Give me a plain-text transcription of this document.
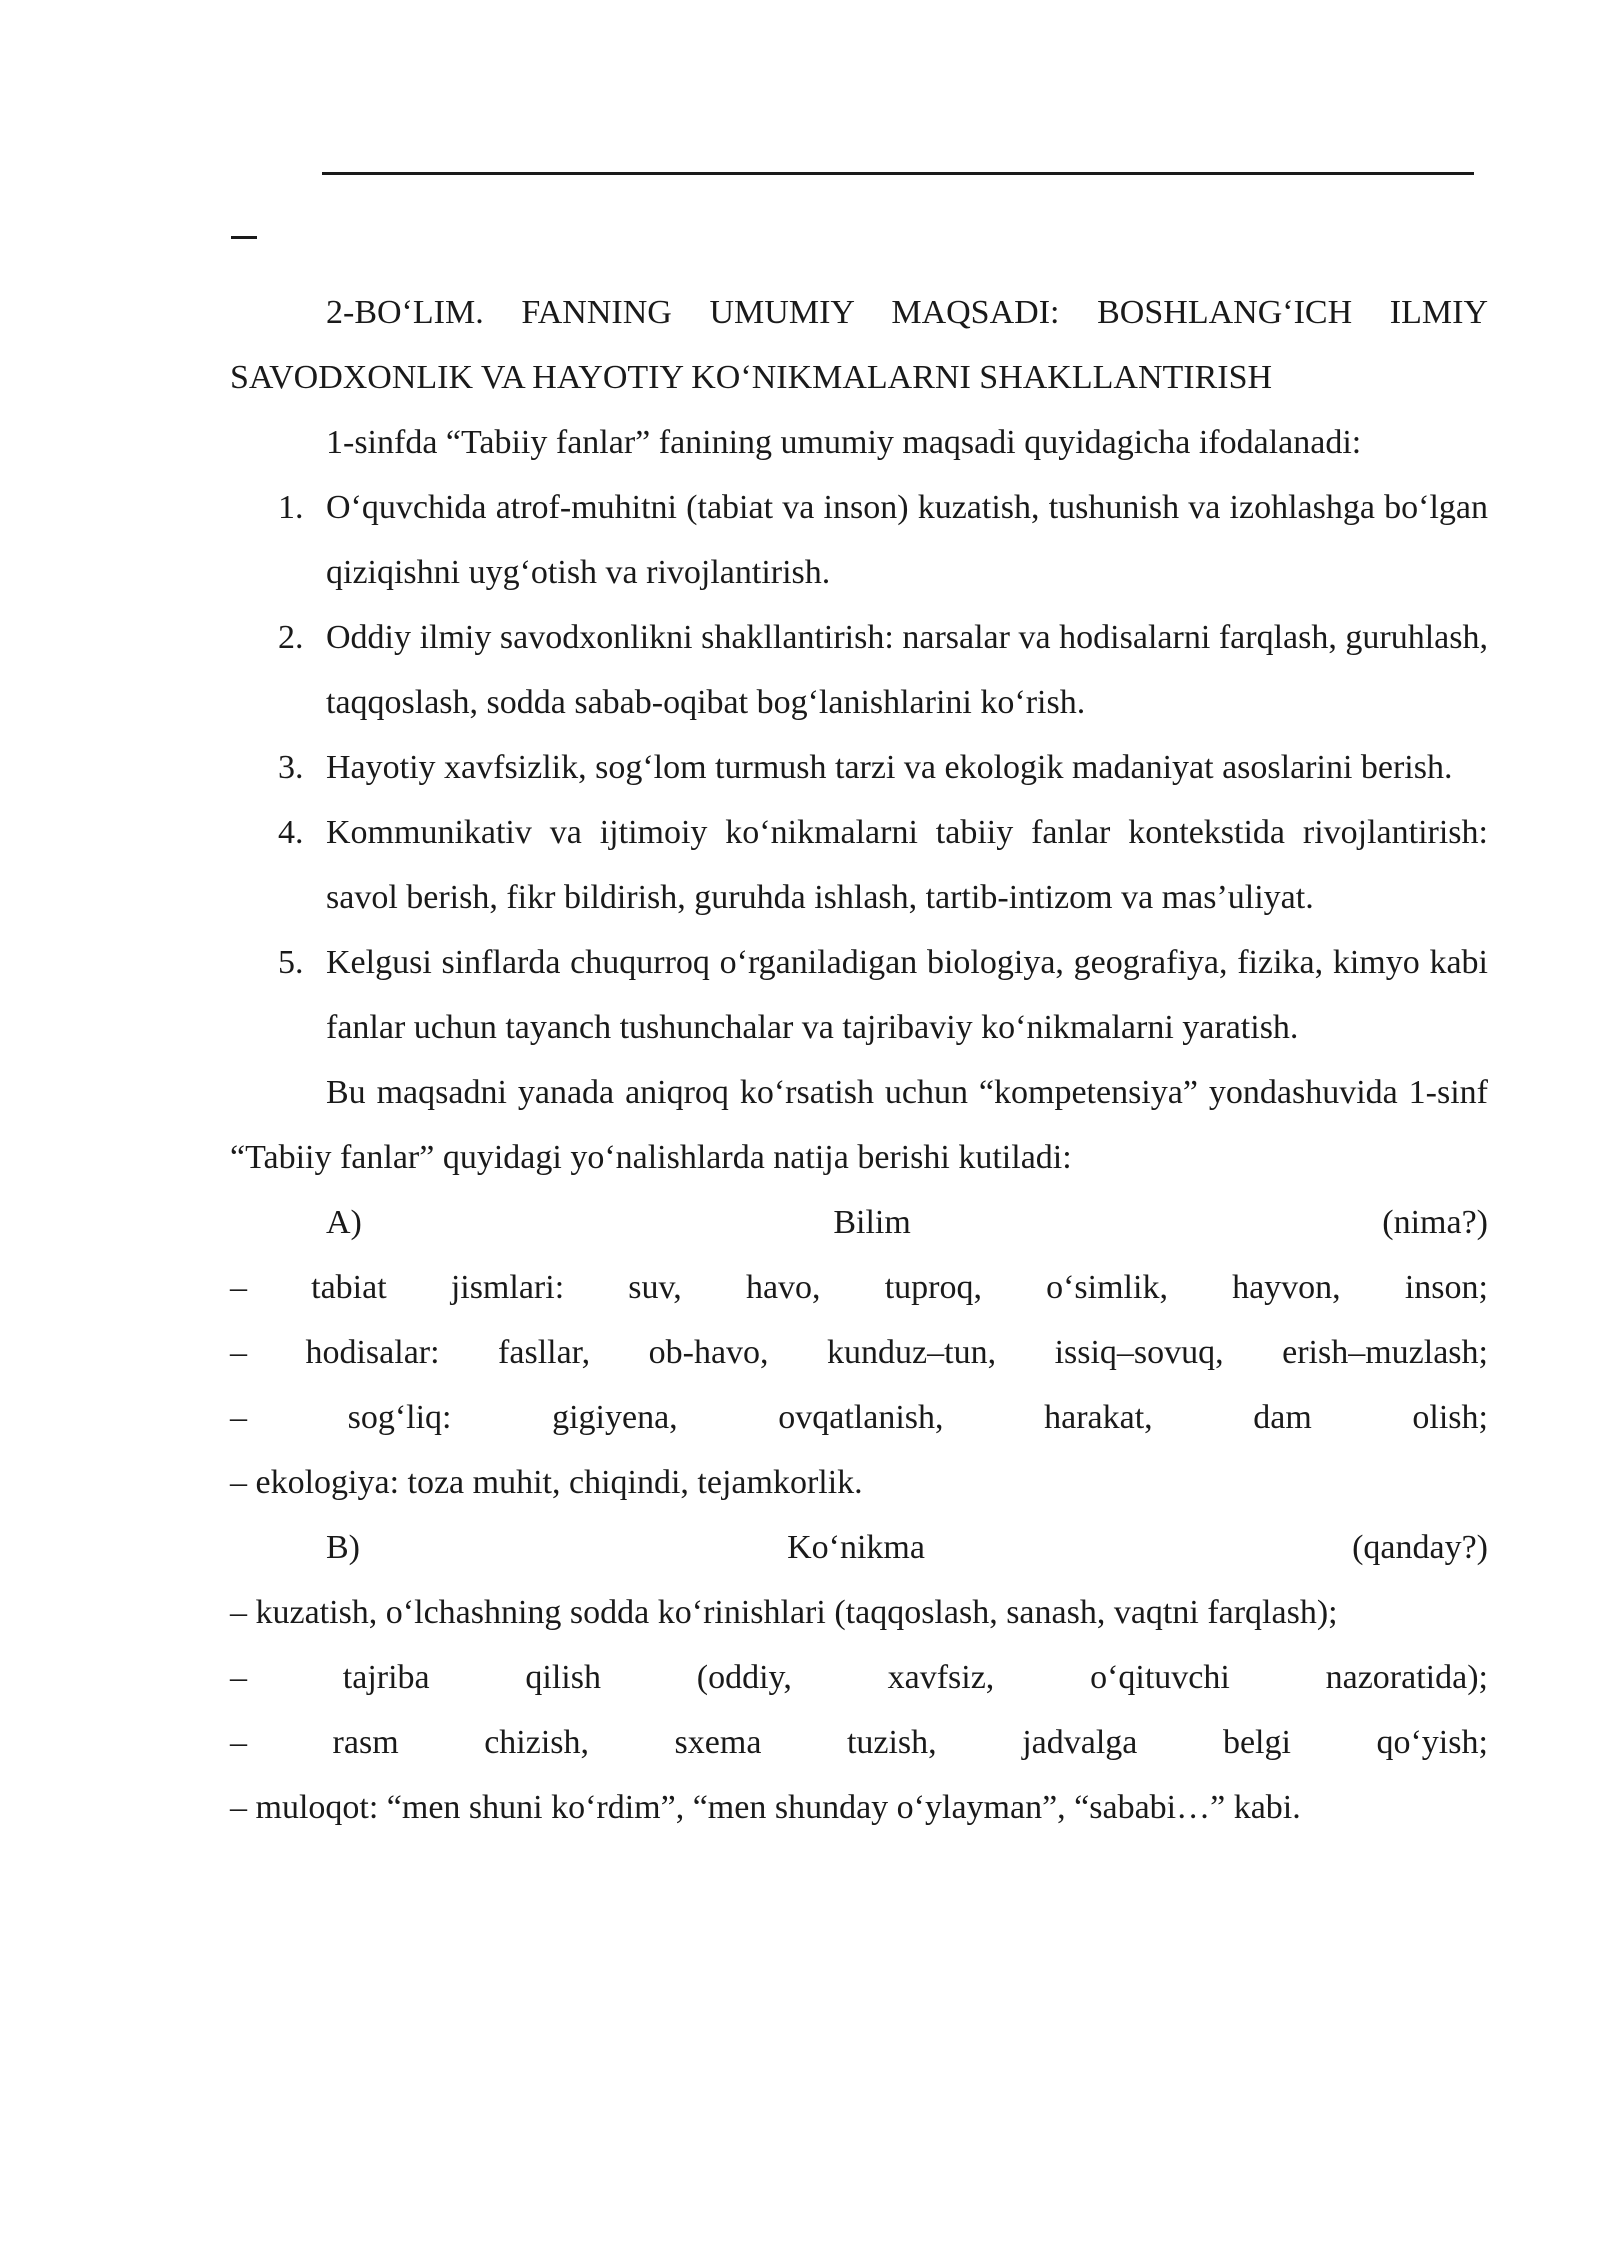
2-BO‘LIM. FANNING UMUMIY MAQSADI: BOSHLANG‘ICH ILMIY SAVODXONLIK VA HAYOTIY KO‘NIKMALARNI SHAKLLANTIRISH

1-sinfda “Tabiiy fanlar” fanining umumiy maqsadi quyidagicha ifodalanadi:

1. O‘quvchida atrof-muhitni (tabiat va inson) kuzatish, tushunish va izohlashga bo‘lgan qiziqishni uyg‘otish va rivojlantirish.
2. Oddiy ilmiy savodxonlikni shakllantirish: narsalar va hodisalarni farqlash, guruhlash, taqqoslash, sodda sabab-oqibat bog‘lanishlarini ko‘rish.
3. Hayotiy xavfsizlik, sog‘lom turmush tarzi va ekologik madaniyat asoslarini berish.
4. Kommunikativ va ijtimoiy ko‘nikmalarni tabiiy fanlar kontekstida rivojlantirish: savol berish, fikr bildirish, guruhda ishlash, tartib-intizom va mas’uliyat.
5. Kelgusi sinflarda chuqurroq o‘rganiladigan biologiya, geografiya, fizika, kimyo kabi fanlar uchun tayanch tushunchalar va tajribaviy ko‘nikmalarni yaratish.

Bu maqsadni yanada aniqroq ko‘rsatish uchun “kompetensiya” yondashuvida 1-sinf “Tabiiy fanlar” quyidagi yo‘nalishlarda natija berishi kutiladi:

A)	Bilim	(nima?)
– tabiat jismlari: suv, havo, tuproq, o‘simlik, hayvon, inson;
– hodisalar: fasllar, ob-havo, kunduz–tun, issiq–sovuq, erish–muzlash;
–	sog‘liq:	gigiyena,	ovqatlanish,	harakat,	dam	olish;

– ekologiya: toza muhit, chiqindi, tejamkorlik.

B)	Ko‘nikma	(qanday?)

– kuzatish, o‘lchashning sodda ko‘rinishlari (taqqoslash, sanash, vaqtni farqlash);

–	tajriba	qilish	(oddiy,	xavfsiz,	o‘qituvchi	nazoratida);
–	rasm	chizish,	sxema	tuzish,	jadvalga	belgi	qo‘yish;

– muloqot: “men shuni ko‘rdim”, “men shunday o‘ylayman”, “sababi…” kabi.
